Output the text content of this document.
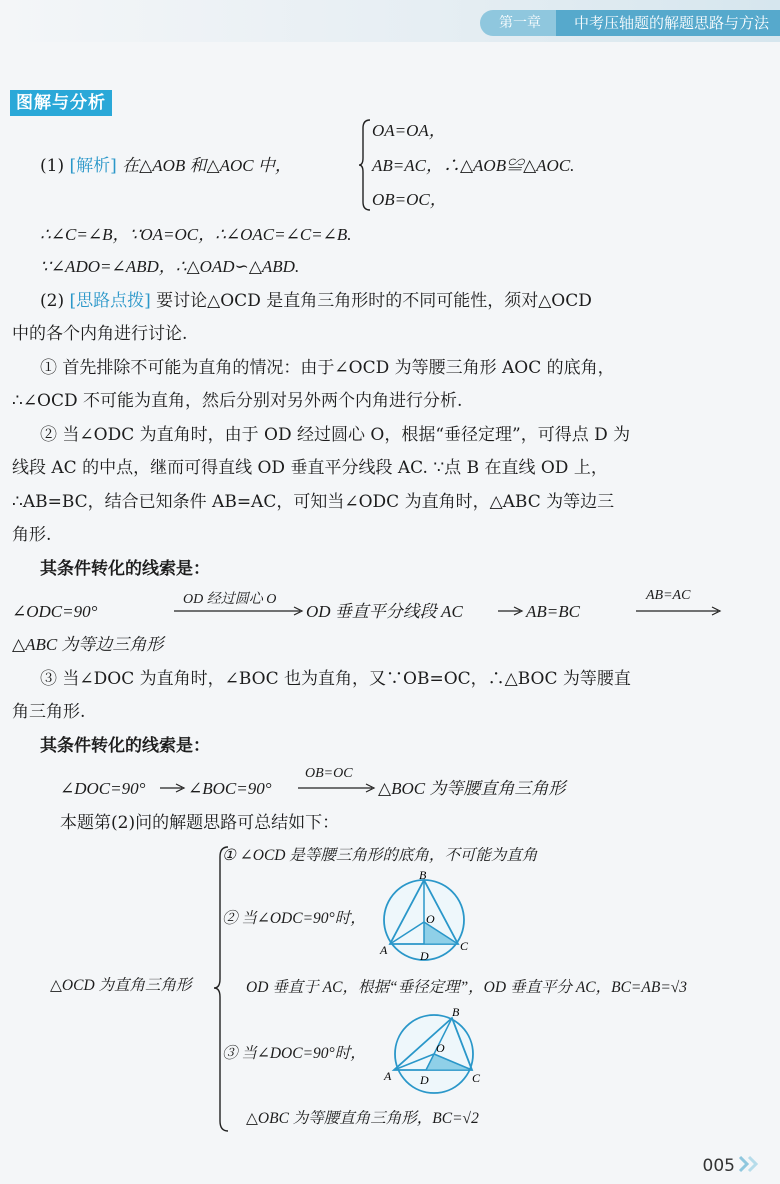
第一章	中考压轴题的解题思路与方法
图解与分析
(1) [解析] 在△AOB 和△AOC 中，
OA=OA，
AB=AC，∴△AOB≌△AOC.
OB=OC，
∴∠C=∠B，∵OA=OC，∴∠OAC=∠C=∠B.
∵∠ADO=∠ABD，∴△OAD∽△ABD.
(2) [思路点拨] 要讨论△OCD 是直角三角形时的不同可能性，须对△OCD
中的各个内角进行讨论.
① 首先排除不可能为直角的情况：由于∠OCD 为等腰三角形 AOC 的底角，
∴∠OCD 不可能为直角，然后分别对另外两个内角进行分析.
② 当∠ODC 为直角时，由于 OD 经过圆心 O，根据“垂径定理”，可得点 D 为
线段 AC 的中点，继而可得直线 OD 垂直平分线段 AC. ∵点 B 在直线 OD 上，
∴AB=BC，结合已知条件 AB=AC，可知当∠ODC 为直角时，△ABC 为等边三
角形.
其条件转化的线索是：
∠ODC=90°
OD 经过圆心 O
OD 垂直平分线段 AC	AB=BC
AB=AC
△ABC 为等边三角形
③ 当∠DOC 为直角时，∠BOC 也为直角，又∵OB=OC，∴△BOC 为等腰直
角三角形.
其条件转化的线索是：
∠DOC=90°	∠BOC=90°
OB=OC
△BOC 为等腰直角三角形
本题第(2)问的解题思路可总结如下：
△OCD 为直角三角形
① ∠OCD 是等腰三角形的底角，不可能为直角
② 当∠ODC=90°时，
B
O
A	C
D
OD 垂直于 AC，根据“垂径定理”，OD 垂直平分 AC，BC=AB=√3
③ 当∠DOC=90°时，
B
O
A	C
D
△OBC 为等腰直角三角形，BC=√2
005
